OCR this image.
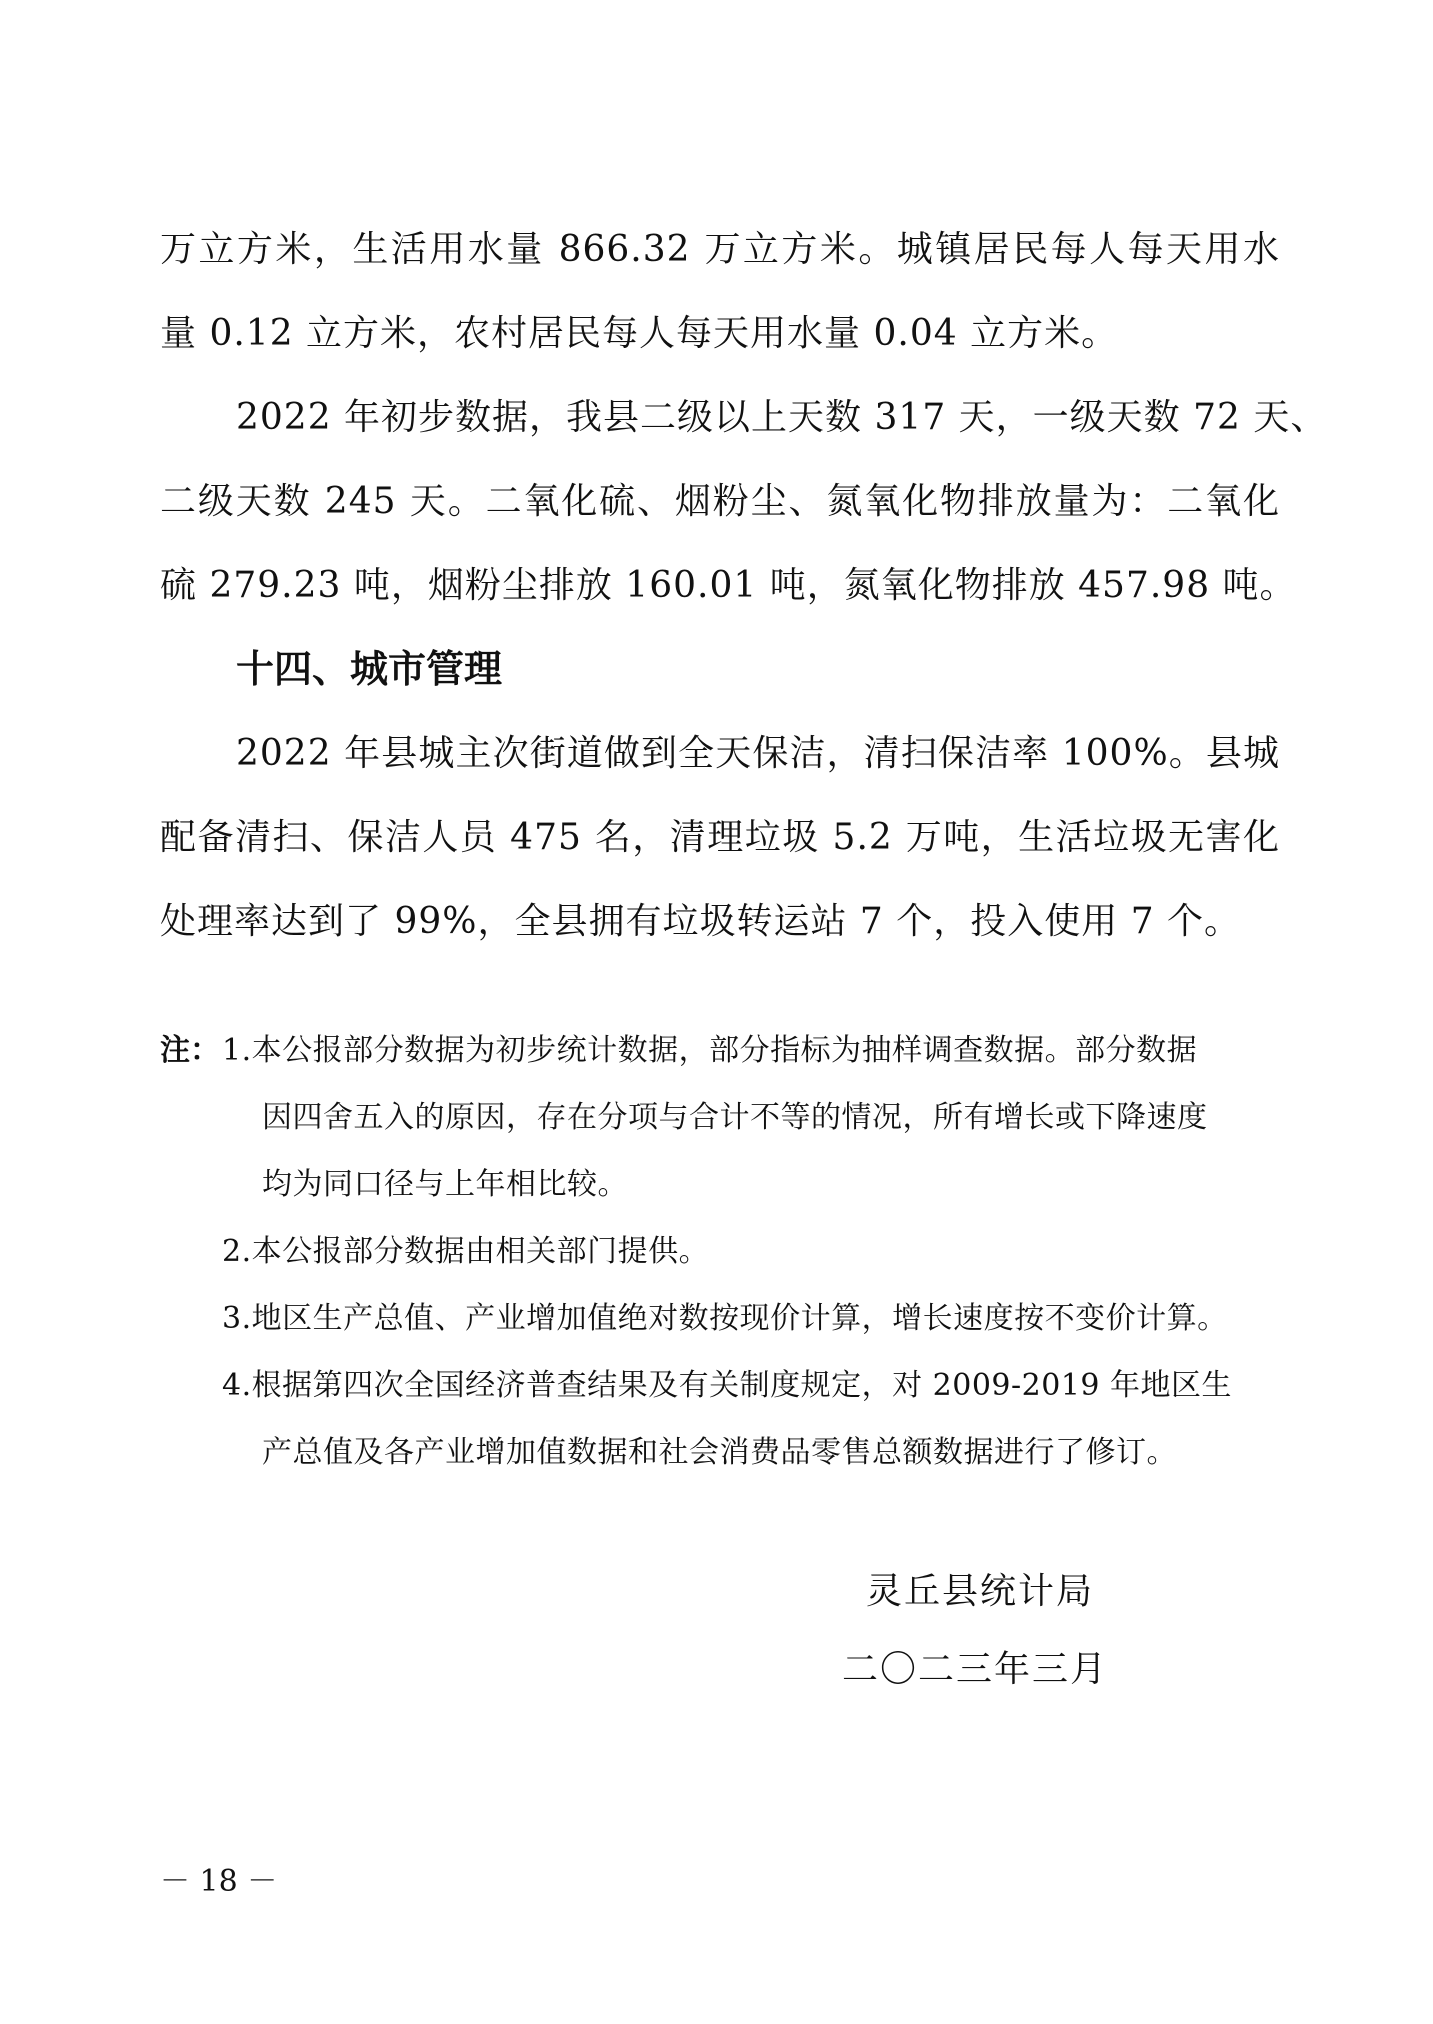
万立方米，生活用水量 866.32 万立方米。城镇居民每人每天用水
量 0.12 立方米，农村居民每人每天用水量 0.04 立方米。
2022 年初步数据，我县二级以上天数 317 天，一级天数 72 天、
二级天数 245 天。二氧化硫、烟粉尘、氮氧化物排放量为：二氧化
硫 279.23 吨，烟粉尘排放 160.01 吨，氮氧化物排放 457.98 吨。
十四、城市管理
2022 年县城主次街道做到全天保洁，清扫保洁率 100%。县城
配备清扫、保洁人员 475 名，清理垃圾 5.2 万吨，生活垃圾无害化
处理率达到了 99%，全县拥有垃圾转运站 7 个，投入使用 7 个。
注： 1.本公报部分数据为初步统计数据，部分指标为抽样调查数据。部分数据
因四舍五入的原因，存在分项与合计不等的情况，所有增长或下降速度
均为同口径与上年相比较。
2.本公报部分数据由相关部门提供。
3.地区生产总值、产业增加值绝对数按现价计算，增长速度按不变价计算。
4.根据第四次全国经济普查结果及有关制度规定，对 2009-2019 年地区生
产总值及各产业增加值数据和社会消费品零售总额数据进行了修订。
灵丘县统计局
二〇二三年三月
－ 18 －
